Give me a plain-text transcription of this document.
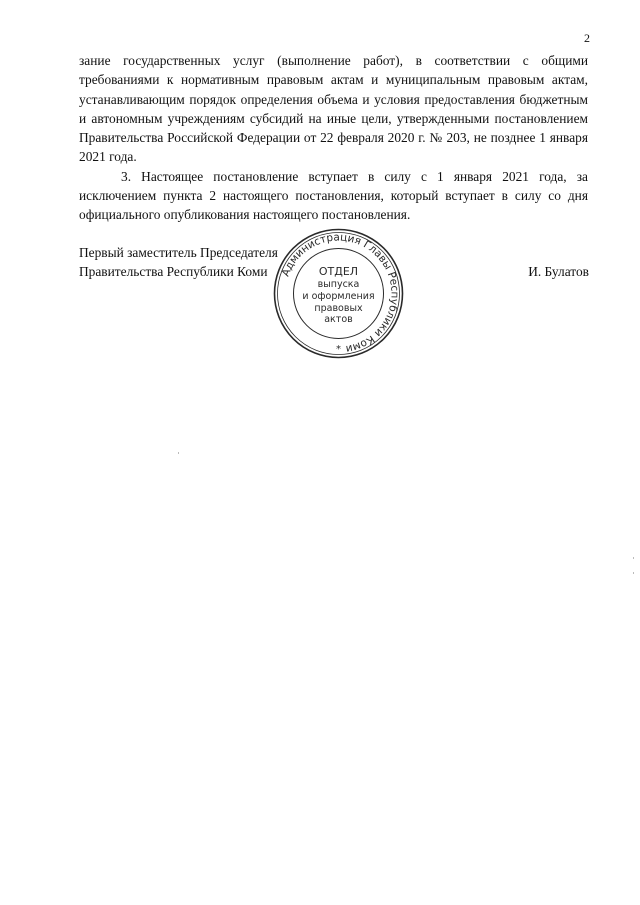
2

зание государственных услуг (выполнение работ), в соответствии с общими требованиями к нормативным правовым актам и муниципальным правовым актам, устанавливающим порядок определения объема и условия предоставления бюджетным и автономным учреждениям субсидий на иные цели, утвержденными постановлением Правительства Российской Федерации от 22 февраля 2020 г. № 203, не позднее 1 января 2021 года.

3. Настоящее постановление вступает в силу с 1 января 2021 года, за исключением пункта 2 настоящего постановления, который вступает в силу со дня официального опубликования настоящего постановления.

Первый заместитель Председателя
Правительства Республики Коми	И. Булатов
Администрация Главы Республики Коми
ОТДЕЛ
выпуска
и оформления
правовых
актов
*
